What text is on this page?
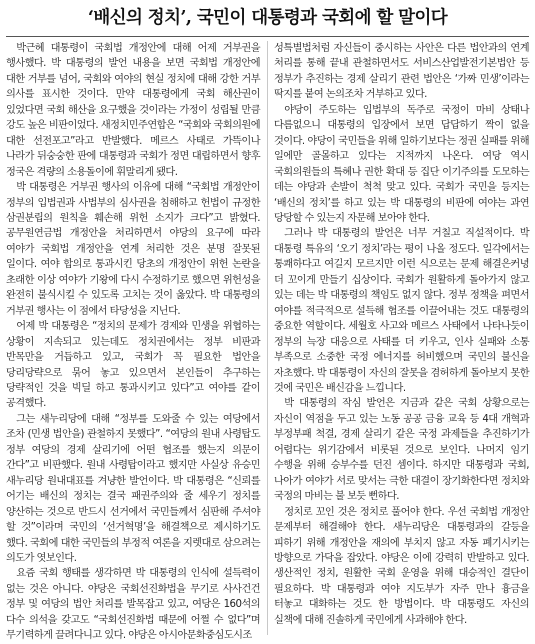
‘배신의 정치’, 국민이 대통령과 국회에 할 말이다

박근혜 대통령이 국회법 개정안에 대해 어제 거부권을 행사했다. 박 대통령의 발언 내용을 보면 국회법 개정안에 대한 거부를 넘어, 국회와 여야의 현실 정치에 대해 강한 거부 의사를 표시한 것이다. 만약 대통령에게 국회 해산권이 있었다면 국회 해산을 요구했을 것이라는 가정이 성립될 만큼 강도 높은 비판이었다. 새정치민주연합은 “국회와 국회의원에 대한 선전포고”라고 반발했다. 메르스 사태로 가뜩이나 나라가 뒤숭숭한 판에 대통령과 국회가 정면 대립하면서 향후 정국은 격량의 소용돌이에 휘말리게 됐다.

박 대통령은 거부권 행사의 이유에 대해 “국회법 개정안이 정부의 입법권과 사법부의 심사권을 침해하고 헌법이 규정한 삼권분립의 원칙을 훼손해 위헌 소지가 크다”고 밝혔다. 공무원연금법 개정안을 처리하면서 야당의 요구에 따라 여야가 국회법 개정안을 연계 처리한 것은 분명 잘못된 일이다. 여야 합의로 통과시킨 당초의 개정안이 위헌 논란을 초래한 이상 여야가 기왕에 다시 수정하기로 했으면 위헌성을 완전히 불식시킬 수 있도록 고치는 것이 옳았다. 박 대통령의 거부권 행사는 이 점에서 타당성을 지닌다.

어제 박 대통령은 “정치의 문제가 경제와 민생을 위협하는 상황이 지속되고 있는데도 정치권에서는 정부 비판과 반목만을 거듭하고 있고, 국회가 꼭 필요한 법안을 당리당략으로 묶어 놓고 있으면서 본인들이 추구하는 당략적인 것을 빅딜 하고 통과시키고 있다”고 여야를 같이 공격했다.

그는 새누리당에 대해 “정부를 도와줄 수 있는 여당에서 조차 (민생 법안을) 관철하지 못했다”. “여당의 원내 사령탑도 정부 여당의 경제 살리기에 어떤 협조를 했는지 의문이 간다”고 비판했다. 원내 사령탑이라고 했지만 사실상 유승민 새누리당 원내대표를 겨냥한 발언이다. 박 대통령은 “신뢰를 어기는 배신의 정치는 결국 패권주의와 줄 세우기 정치를 양산하는 것으로 반드시 선거에서 국민들께서 심판해 주셔야 할 것”이라며 국민의 ‘선거혁명’을 해결책으로 제시하기도 했다. 국회에 대한 국민들의 부정적 여론을 지렛대로 삼으려는 의도가 엿보인다.

요즘 국회 행태를 생각하면 박 대통령의 인식에 설득력이 없는 것은 아니다. 야당은 국회선진화법을 무기로 사사건건 정부 및 여당의 법안 처리를 발목잡고 있고, 여당은 160석의 다수 의석을 갖고도 “국회선진화법 때문에 어쩔 수 없다”며 무기력하게 끌려다니고 있다. 야당은 아시아문화중심도시조

성특별법처럼 자신들이 중시하는 사안은 다른 법안과의 연계 처리를 통해 끝내 관철하면서도 서비스산업발전기본법안 등 정부가 추진하는 경제 살리기 관련 법안은 ‘가짜 민생’이라는 딱지를 붙여 논의조차 거부하고 있다.

야당이 주도하는 입법부의 독주로 국정이 마비 상태나 다름없으니 대통령의 입장에서 보면 답답하기 짝이 없을 것이다. 야당이 국민들을 위해 일하기보다는 정권 실패를 위해 일에만 골몰하고 있다는 지적까지 나온다. 여당 역시 국회의원들의 특혜나 권한 확대 등 집단 이기주의를 도모하는 데는 야당과 손발이 척척 맞고 있다. 국회가 국민을 등지는 ‘배신의 정치’를 하고 있는 박 대통령의 비판에 여야는 과연 당당할 수 있는지 자문해 보아야 한다.

그러나 박 대통령의 발언은 너무 거칠고 직설적이다. 박 대통령 특유의 ‘오기 정치’라는 평이 나올 정도다. 일각에서는 통쾌하다고 여길지 모르지만 이런 식으로는 문제 해결은커녕 더 꼬이게 만들기 십상이다. 국회가 원활하게 돌아가지 않고 있는 데는 박 대통령의 책임도 없지 않다. 정부 정책을 펴면서 여야를 적극적으로 설득해 협조를 이끌어내는 것도 대통령의 중요한 역할이다. 세월호 사고와 메르스 사태에서 나타나듯이 정부의 늑장 대응으로 사태를 더 키우고, 인사 실패와 소통 부족으로 소중한 국정 에너지를 허비했으며 국민의 불신을 자초했다. 박 대통령이 자신의 잘못을 겸허하게 돌아보지 못한 것에 국민은 배신감을 느낍니다.

박 대통령의 작심 발언은 지금과 같은 국회 상황으로는 자신이 역점을 두고 있는 노동 공공 금융 교육 등 4대 개혁과 부정부패 척결, 경제 살리기 같은 국정 과제들을 추진하기가 어렵다는 위기감에서 비롯된 것으로 보인다. 나머지 임기 수행을 위해 승부수를 던진 셈이다. 하지만 대통령과 국회, 나아가 여야가 서로 맞서는 극한 대결이 장기화한다면 정치와 국정의 마비는 불 보듯 뻔하다.

정치로 꼬인 것은 정치로 풀어야 한다. 우선 국회법 개정안 문제부터 해결해야 한다. 새누리당은 대통령과의 갈등을 피하기 위해 개정안을 재의에 부치지 않고 자동 폐기시키는 방향으로 가닥을 잡았다. 야당은 이에 강력히 반발하고 있다. 생산적인 정치, 원활한 국회 운영을 위해 대승적인 결단이 필요하다. 박 대통령과 여야 지도부가 자주 만나 흉금을 터놓고 대화하는 것도 한 방법이다. 박 대통령도 자신의 실책에 대해 진솔하게 국민에게 사과해야 한다.
